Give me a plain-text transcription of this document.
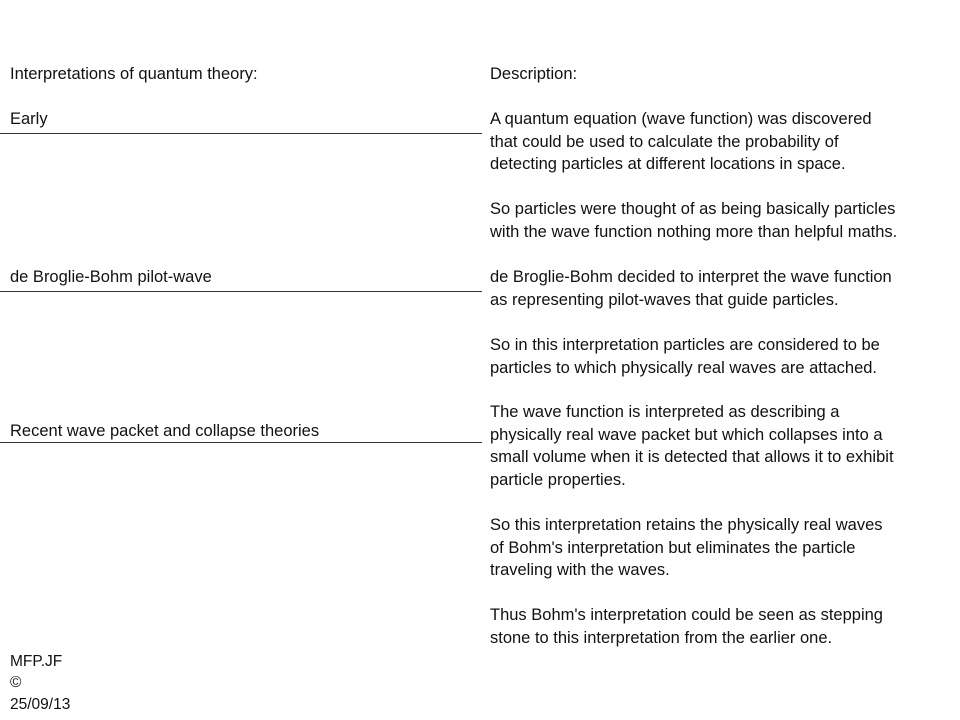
Interpretations of quantum theory:
Early
de Broglie-Bohm pilot-wave
Recent wave packet and collapse theories
Description:
A quantum equation (wave function) was discovered
that could be used to calculate the probability of
detecting particles at different locations in space.
So particles were thought of as being basically particles
with the wave function nothing more than helpful maths.
de Broglie-Bohm decided to interpret the wave function
as representing pilot-waves that guide particles.
So in this interpretation particles are considered to be
particles to which physically real waves are attached.
The wave function is interpreted as describing a
physically real wave packet but which collapses into a
small volume when it is detected that allows it to exhibit
particle properties.
So this interpretation retains the physically real waves
of Bohm's interpretation but eliminates the particle
traveling with the waves.
Thus Bohm's interpretation could be seen as stepping
stone to this interpretation from the earlier one.
MFP.JF
©
25/09/13
